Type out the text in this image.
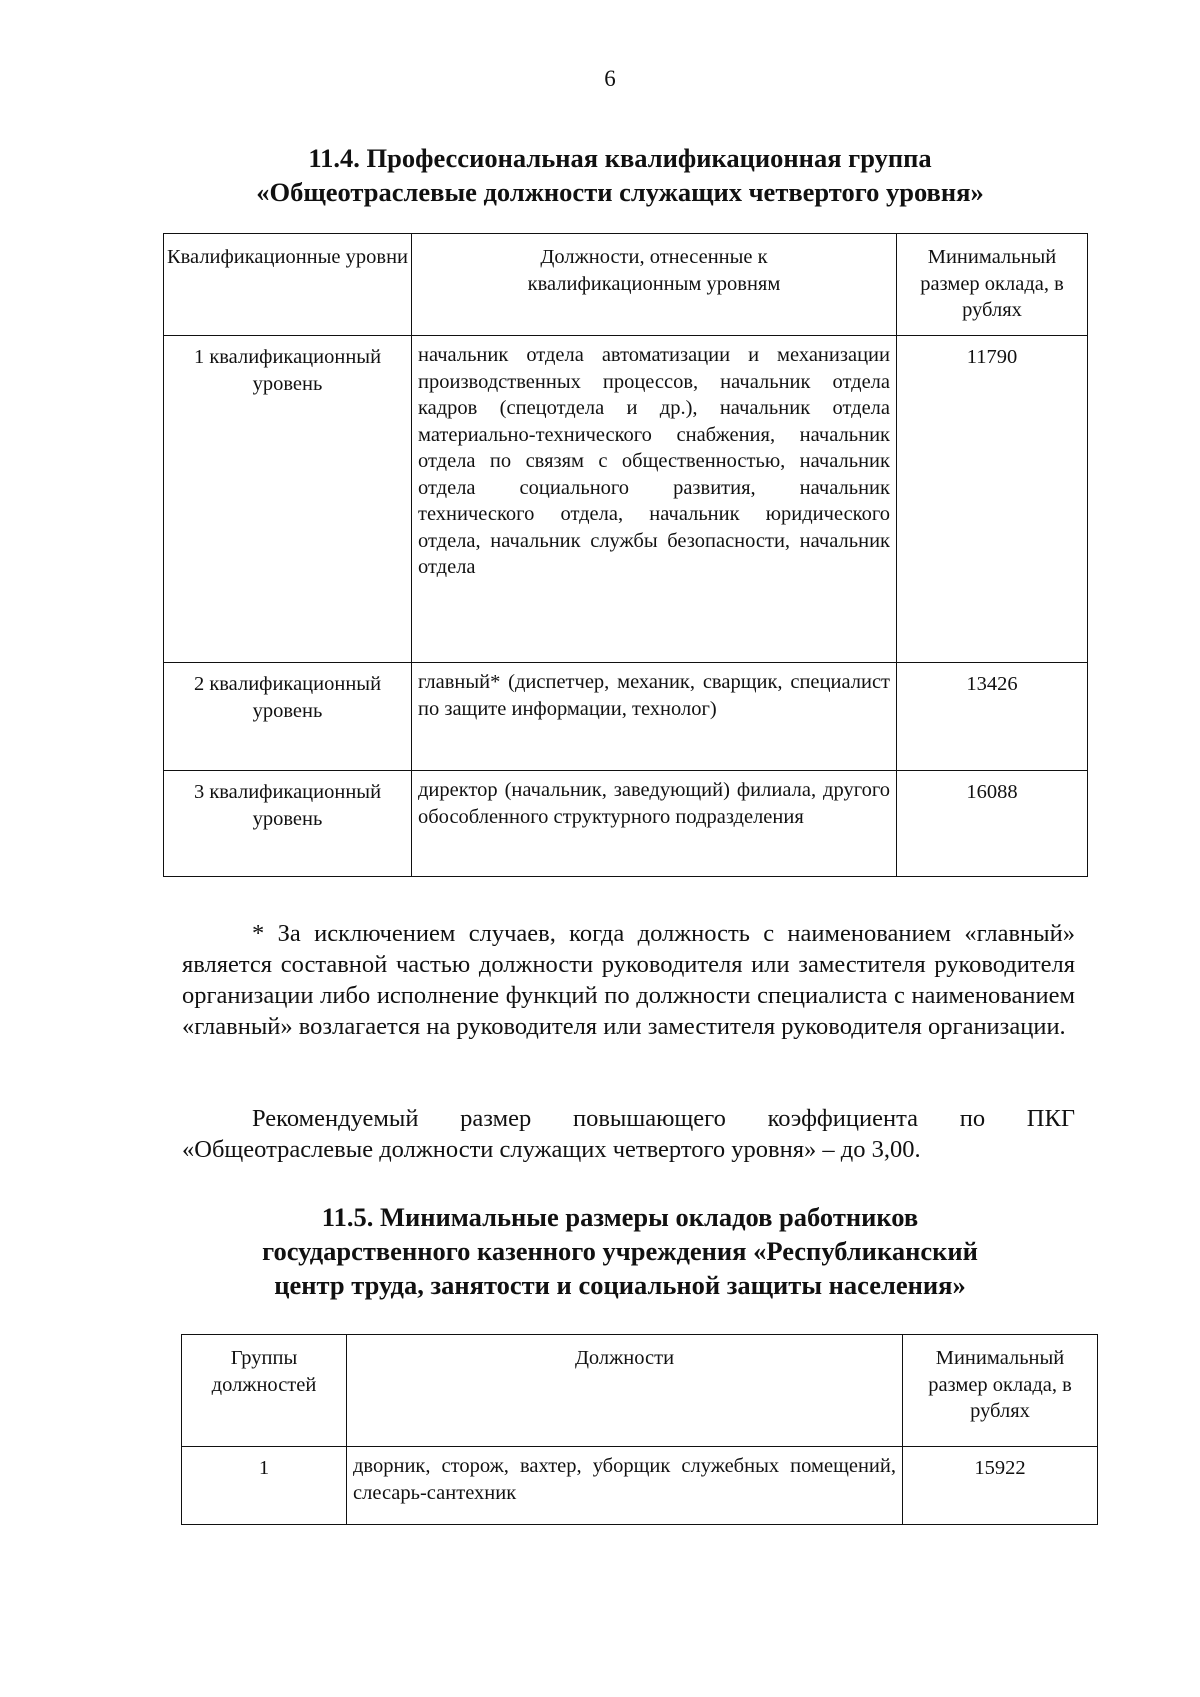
6
11.4. Профессиональная квалификационная группа
«Общеотраслевые должности служащих четвертого уровня»
Квалификационные уровни	Должности, отнесенные к квалификационным уровням	Минимальный размер оклада, в рублях
1 квалификационный уровень	начальник отдела автоматизации и механизации производственных процессов, начальник отдела кадров (спецотдела и др.), начальник отдела материально-технического снабжения, начальник отдела по связям с общественностью, начальник отдела социального развития, начальник технического отдела, начальник юридического отдела, начальник службы безопасности, начальник отдела	11790
2 квалификационный уровень	главный* (диспетчер, механик, сварщик, специалист по защите информации, технолог)	13426
3 квалификационный уровень	директор (начальник, заведующий) филиала, другого обособленного структурного подразделения	16088

* За исключением случаев, когда должность с наименованием «главный» является составной частью должности руководителя или заместителя руководителя организации либо исполнение функций по должности специалиста с наименованием «главный» возлагается на руководителя или заместителя руководителя организации.

Рекомендуемый размер повышающего коэффициента по ПКГ «Общеотраслевые должности служащих четвертого уровня» – до 3,00.

11.5. Минимальные размеры окладов работников
государственного казенного учреждения «Республиканский
центр труда, занятости и социальной защиты населения»
Группы должностей	Должности	Минимальный размер оклада, в рублях
1	дворник, сторож, вахтер, уборщик служебных помещений, слесарь-сантехник	15922
